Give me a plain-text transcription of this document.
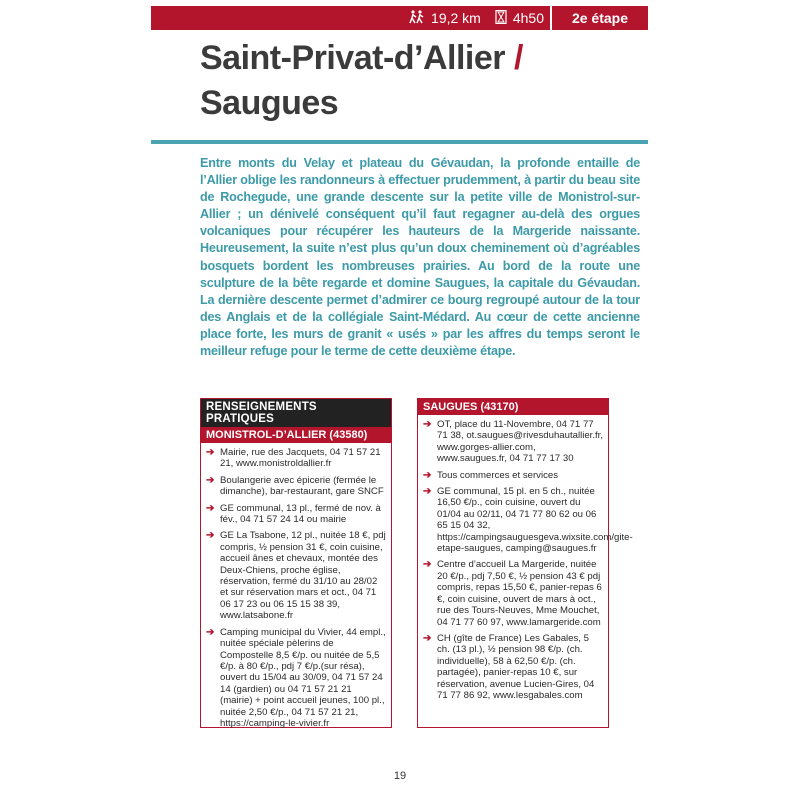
19,2 km 4h50	2e étape
Saint-Privat-d’Allier /
Saugues

Entre monts du Velay et plateau du Gévaudan, la profonde entaille de l’Allier oblige les randonneurs à effectuer prudemment, à partir du beau site de Rochegude, une grande descente sur la petite ville de Monistrol-sur-Allier ; un dénivelé conséquent qu’il faut regagner au-delà des orgues volcaniques pour récupérer les hauteurs de la Margeride naissante. Heureusement, la suite n’est plus qu’un doux cheminement où d’agréables bosquets bordent les nombreuses prairies. Au bord de la route une sculpture de la bête regarde et domine Saugues, la capitale du Gévaudan. La dernière descente permet d’admirer ce bourg regroupé autour de la tour des Anglais et de la collégiale Saint-Médard. Au cœur de cette ancienne place forte, les murs de granit « usés » par les affres du temps seront le meilleur refuge pour le terme de cette deuxième étape.

RENSEIGNEMENTS PRATIQUES
MONISTROL-D’ALLIER (43580)
➔ Mairie, rue des Jacquets, 04 71 57 21 21, www.monistroldallier.fr
➔ Boulangerie avec épicerie (fermée le dimanche), bar-restaurant, gare SNCF
➔ GE communal, 13 pl., fermé de nov. à fév., 04 71 57 24 14 ou mairie
➔ GE La Tsabone, 12 pl., nuitée 18 €, pdj compris, ½ pension 31 €, coin cuisine, accueil ânes et chevaux, montée des Deux-Chiens, proche église, réservation, fermé du 31/10 au 28/02 et sur réservation mars et oct., 04 71 06 17 23 ou 06 15 15 38 39, www.latsabone.fr
➔ Camping municipal du Vivier, 44 empl., nuitée spéciale pèlerins de Compostelle 8,5 €/p. ou nuitée de 5,5 €/p. à 80 €/p., pdj 7 €/p.(sur résa), ouvert du 15/04 au 30/09, 04 71 57 24 14 (gardien) ou 04 71 57 21 21 (mairie) + point accueil jeunes, 100 pl., nuitée 2,50 €/p., 04 71 57 21 21, https://camping-le-vivier.fr
SAUGUES (43170)
➔ OT, place du 11-Novembre, 04 71 77 71 38, ot.saugues@rivesduhautallier.fr, www.gorges-allier.com, www.saugues.fr, 04 71 77 17 30
➔ Tous commerces et services
➔ GE communal, 15 pl. en 5 ch., nuitée 16,50 €/p., coin cuisine, ouvert du 01/04 au 02/11, 04 71 77 80 62 ou 06 65 15 04 32, https://campingsauguesgeva.wixsite.com/gite-etape-saugues, camping@saugues.fr
➔ Centre d’accueil La Margeride, nuitée 20 €/p., pdj 7,50 €, ½ pension 43 € pdj compris, repas 15,50 €, panier-repas 6 €, coin cuisine, ouvert de mars à oct., rue des Tours-Neuves, Mme Mouchet, 04 71 77 60 97, www.lamargeride.com
➔ CH (gîte de France) Les Gabales, 5 ch. (13 pl.), ½ pension 98 €/p. (ch. individuelle), 58 à 62,50 €/p. (ch. partagée), panier-repas 10 €, sur réservation, avenue Lucien-Gires, 04 71 77 86 92, www.lesgabales.com
19
